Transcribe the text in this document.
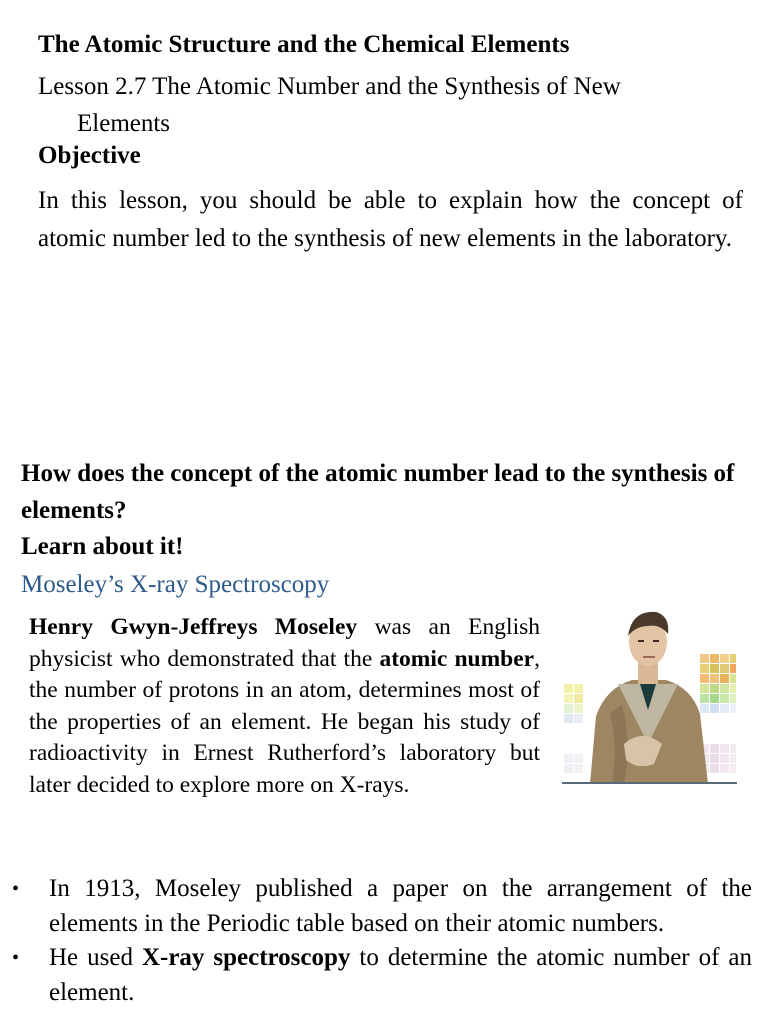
The Atomic Structure and the Chemical Elements
Lesson 2.7 The Atomic Number and the Synthesis of New
Elements
Objective
In this lesson, you should be able to explain how the concept of atomic number led to the synthesis of new elements in the laboratory.
How does the concept of the atomic number lead to the synthesis of elements?
Learn about it!
Moseley’s X-ray Spectroscopy
Henry Gwyn-Jeffreys Moseley was an English physicist who demonstrated that the atomic number, the number of protons in an atom, determines most of the properties of an element. He began his study of radioactivity in Ernest Rutherford’s laboratory but later decided to explore more on X-rays.
• In 1913, Moseley published a paper on the arrangement of the elements in the Periodic table based on their atomic numbers.
• He used X-ray spectroscopy to determine the atomic number of an element.
